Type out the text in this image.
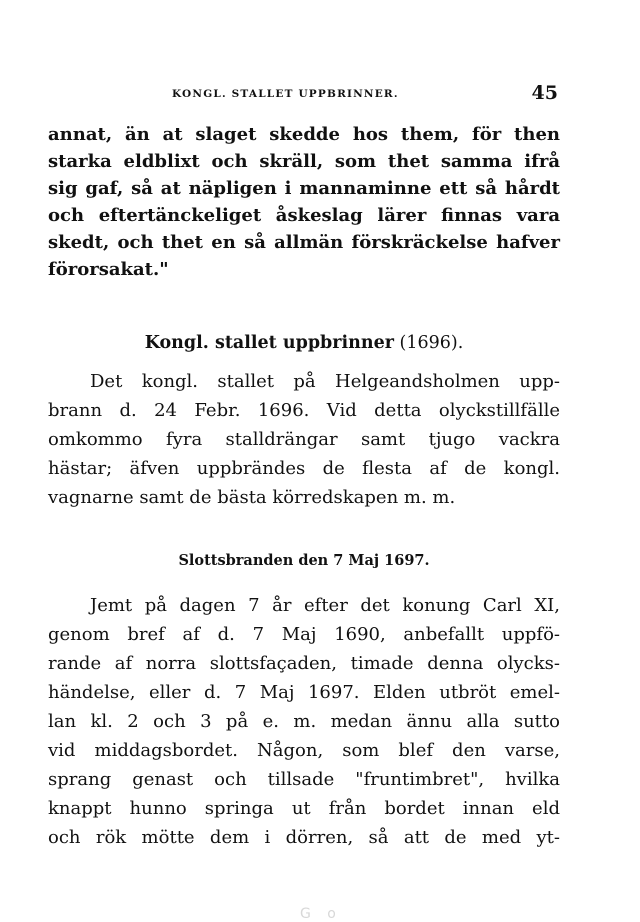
KONGL. STALLET UPPBRINNER.	45
annat, än at slaget skedde hos them, för then
starka eldblixt och skräll, som thet samma ifrå
sig gaf, så at näpligen i mannaminne ett så hårdt
och eftertänckeliget åskeslag lärer finnas vara
skedt, och thet en så allmän förskräckelse hafver
förorsakat."
Kongl. stallet uppbrinner (1696).
Det kongl. stallet på Helgeandsholmen upp-
brann d. 24 Febr. 1696. Vid detta olyckstillfälle
omkommo fyra stalldrängar samt tjugo vackra
hästar; äfven uppbrändes de flesta af de kongl.
vagnarne samt de bästa körredskapen m. m.
Slottsbranden den 7 Maj 1697.
Jemt på dagen 7 år efter det konung Carl XI,
genom bref af d. 7 Maj 1690, anbefallt uppfö-
rande af norra slottsfaçaden, timade denna olycks-
händelse, eller d. 7 Maj 1697. Elden utbröt emel-
lan kl. 2 och 3 på e. m. medan ännu alla sutto
vid middagsbordet. Någon, som blef den varse,
sprang genast och tillsade "fruntimbret", hvilka
knappt hunno springa ut från bordet innan eld
och rök mötte dem i dörren, så att de med yt-
G o
